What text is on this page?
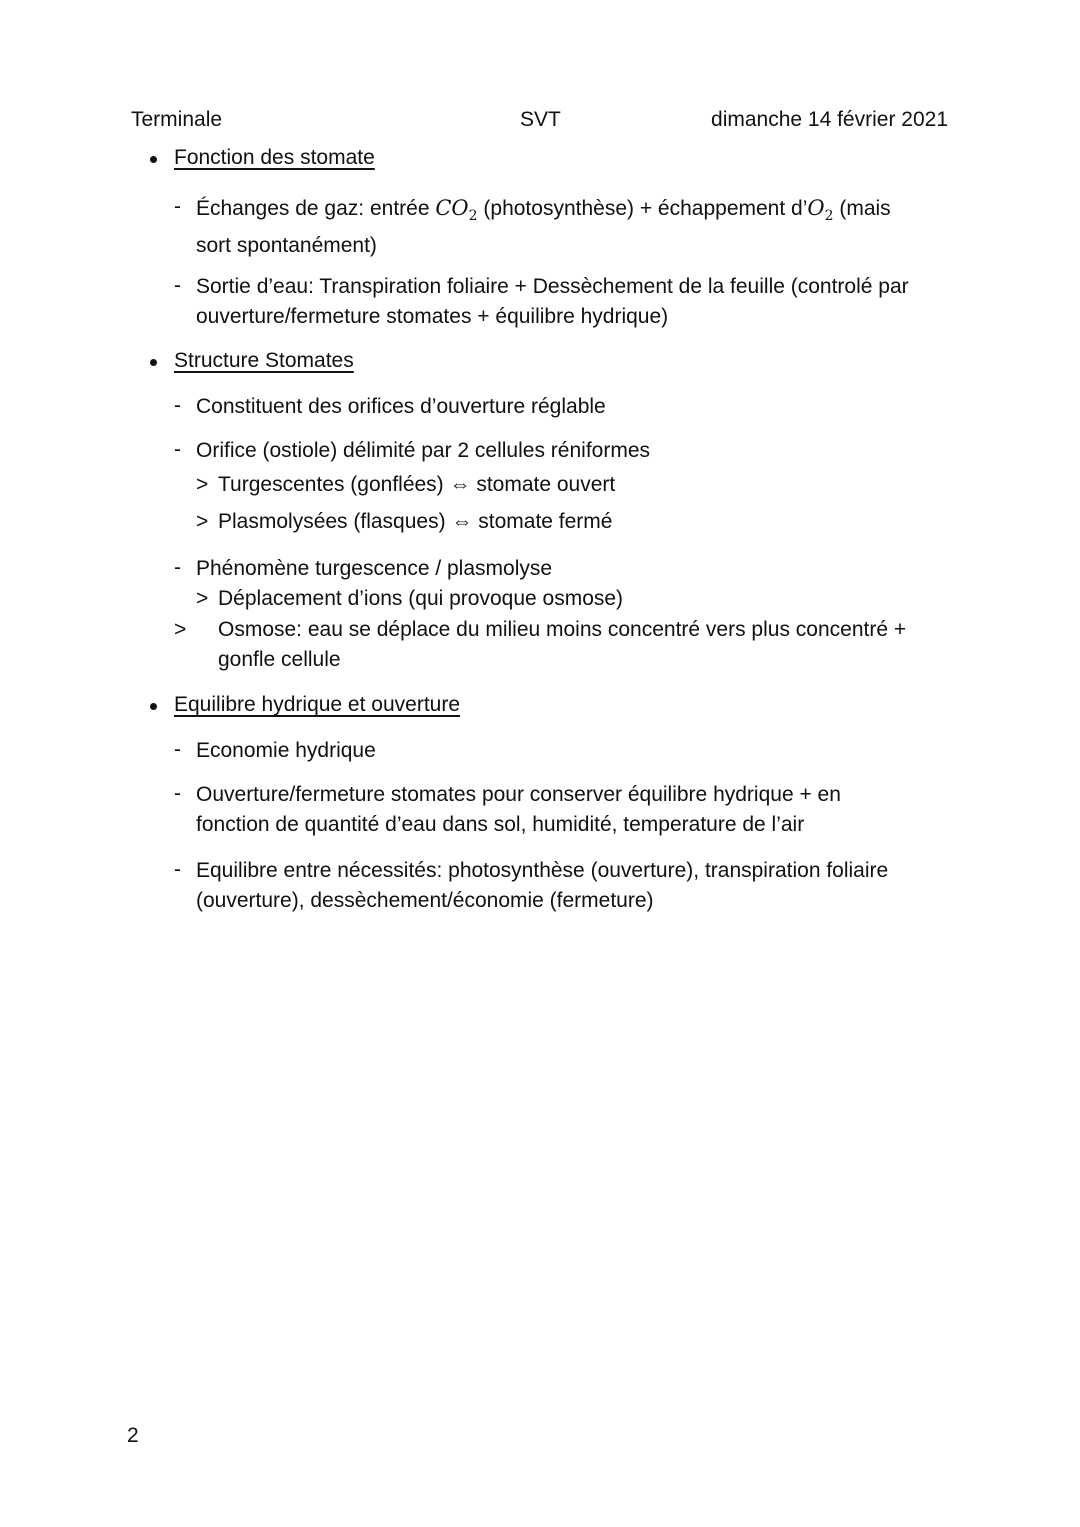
Terminale	SVT	dimanche 14 février 2021
Fonction des stomate
- Échanges de gaz: entrée $CO_2$ (photosynthèse) + échappement $d’O_2$ (mais
sort spontanément)
- Sortie d’eau: Transpiration foliaire + Dessèchement de la feuille (controlé par
ouverture/fermeture stomates + équilibre hydrique)
Structure Stomates
- Constituent des orifices d’ouverture réglable
- Orifice (ostiole) délimité par 2 cellules réniformes
> Turgescentes (gonflées) ⇔ stomate ouvert
> Plasmolysées (flasques) ⇔ stomate fermé
- Phénomène turgescence / plasmolyse
> Déplacement d’ions (qui provoque osmose)
> Osmose: eau se déplace du milieu moins concentré vers plus concentré + gonfle cellule
Equilibre hydrique et ouverture
- Economie hydrique
- Ouverture/fermeture stomates pour conserver équilibre hydrique + en
fonction de quantité d’eau dans sol, humidité, temperature de l’air
- Equilibre entre nécessités: photosynthèse (ouverture), transpiration foliaire
(ouverture), dessèchement/économie (fermeture)
2
